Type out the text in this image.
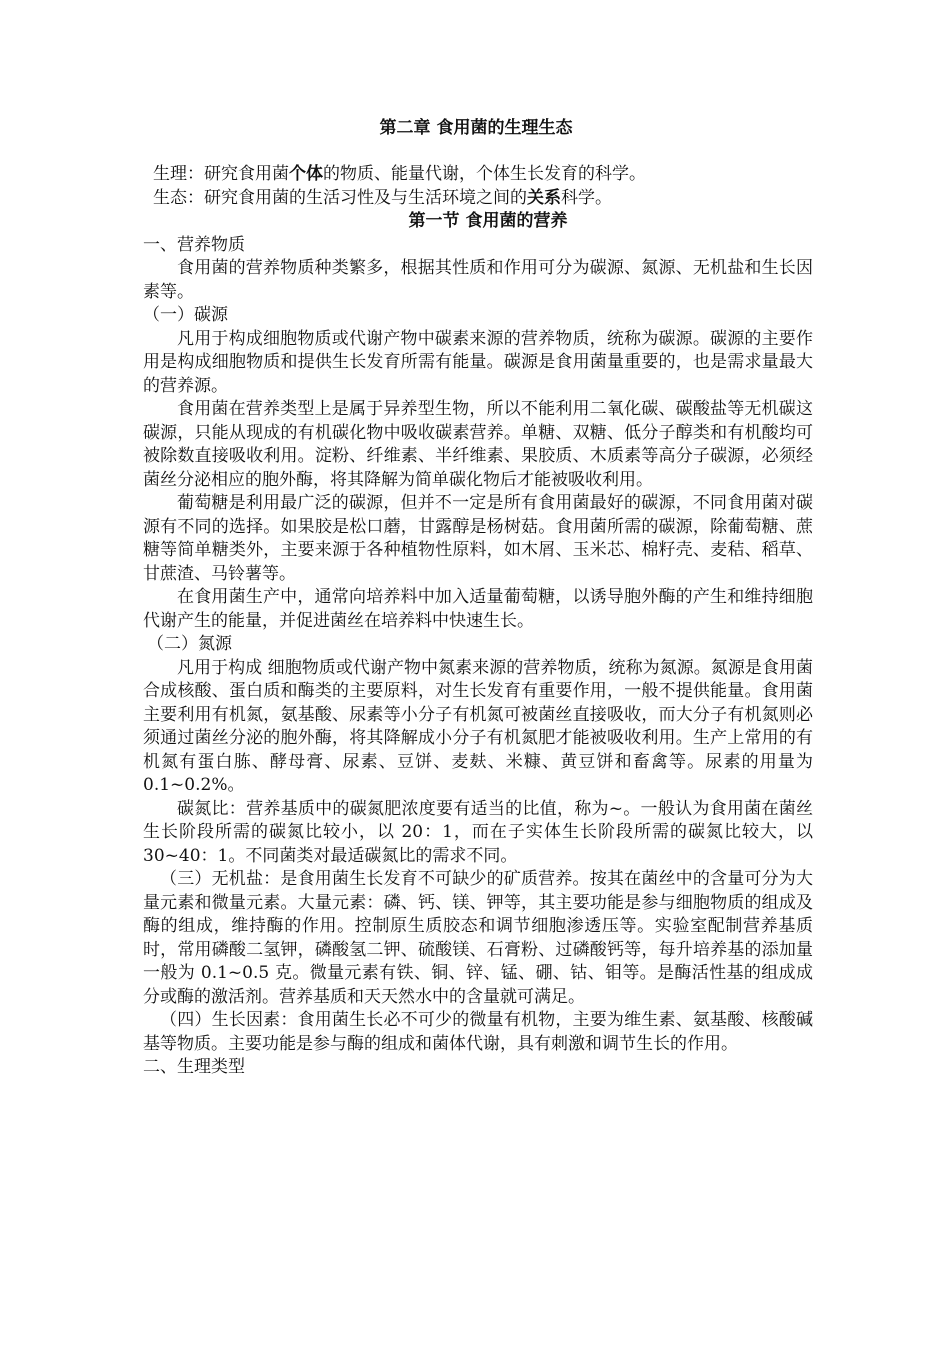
第二章 食用菌的生理生态

生理：研究食用菌个体的物质、能量代谢，个体生长发育的科学。

生态：研究食用菌的生活习性及与生活环境之间的关系科学。

第一节 食用菌的营养

一、营养物质

食用菌的营养物质种类繁多，根据其性质和作用可分为碳源、氮源、无机盐和生长因素等。

（一）碳源

凡用于构成细胞物质或代谢产物中碳素来源的营养物质，统称为碳源。碳源的主要作用是构成细胞物质和提供生长发育所需有能量。碳源是食用菌量重要的，也是需求量最大的营养源。

食用菌在营养类型上是属于异养型生物，所以不能利用二氧化碳、碳酸盐等无机碳这碳源，只能从现成的有机碳化物中吸收碳素营养。单糖、双糖、低分子醇类和有机酸均可被除数直接吸收利用。淀粉、纤维素、半纤维素、果胶质、木质素等高分子碳源，必须经菌丝分泌相应的胞外酶，将其降解为简单碳化物后才能被吸收利用。

葡萄糖是利用最广泛的碳源，但并不一定是所有食用菌最好的碳源，不同食用菌对碳源有不同的选择。如果胶是松口蘑，甘露醇是杨树菇。食用菌所需的碳源，除葡萄糖、蔗糖等简单糖类外，主要来源于各种植物性原料，如木屑、玉米芯、棉籽壳、麦秸、稻草、甘蔗渣、马铃薯等。

在食用菌生产中，通常向培养料中加入适量葡萄糖，以诱导胞外酶的产生和维持细胞代谢产生的能量，并促进菌丝在培养料中快速生长。

（二）氮源

凡用于构成 细胞物质或代谢产物中氮素来源的营养物质，统称为氮源。氮源是食用菌合成核酸、蛋白质和酶类的主要原料，对生长发育有重要作用，一般不提供能量。食用菌主要利用有机氮，氨基酸、尿素等小分子有机氮可被菌丝直接吸收，而大分子有机氮则必须通过菌丝分泌的胞外酶，将其降解成小分子有机氮肥才能被吸收利用。生产上常用的有机氮有蛋白胨、酵母膏、尿素、豆饼、麦麸、米糠、黄豆饼和畜禽等。尿素的用量为 0.1~0.2%。

碳氮比：营养基质中的碳氮肥浓度要有适当的比值，称为~。一般认为食用菌在菌丝生长阶段所需的碳氮比较小，以 20：1，而在子实体生长阶段所需的碳氮比较大，以 30~40：1。不同菌类对最适碳氮比的需求不同。

（三）无机盐：是食用菌生长发育不可缺少的矿质营养。按其在菌丝中的含量可分为大量元素和微量元素。大量元素：磷、钙、镁、钾等，其主要功能是参与细胞物质的组成及酶的组成，维持酶的作用。控制原生质胶态和调节细胞渗透压等。实验室配制营养基质时，常用磷酸二氢钾，磷酸氢二钾、硫酸镁、石膏粉、过磷酸钙等，每升培养基的添加量一般为 0.1~0.5 克。微量元素有铁、铜、锌、锰、硼、钴、钼等。是酶活性基的组成成分或酶的激活剂。营养基质和天天然水中的含量就可满足。

（四）生长因素：食用菌生长必不可少的微量有机物，主要为维生素、氨基酸、核酸碱基等物质。主要功能是参与酶的组成和菌体代谢，具有刺激和调节生长的作用。

二、生理类型
